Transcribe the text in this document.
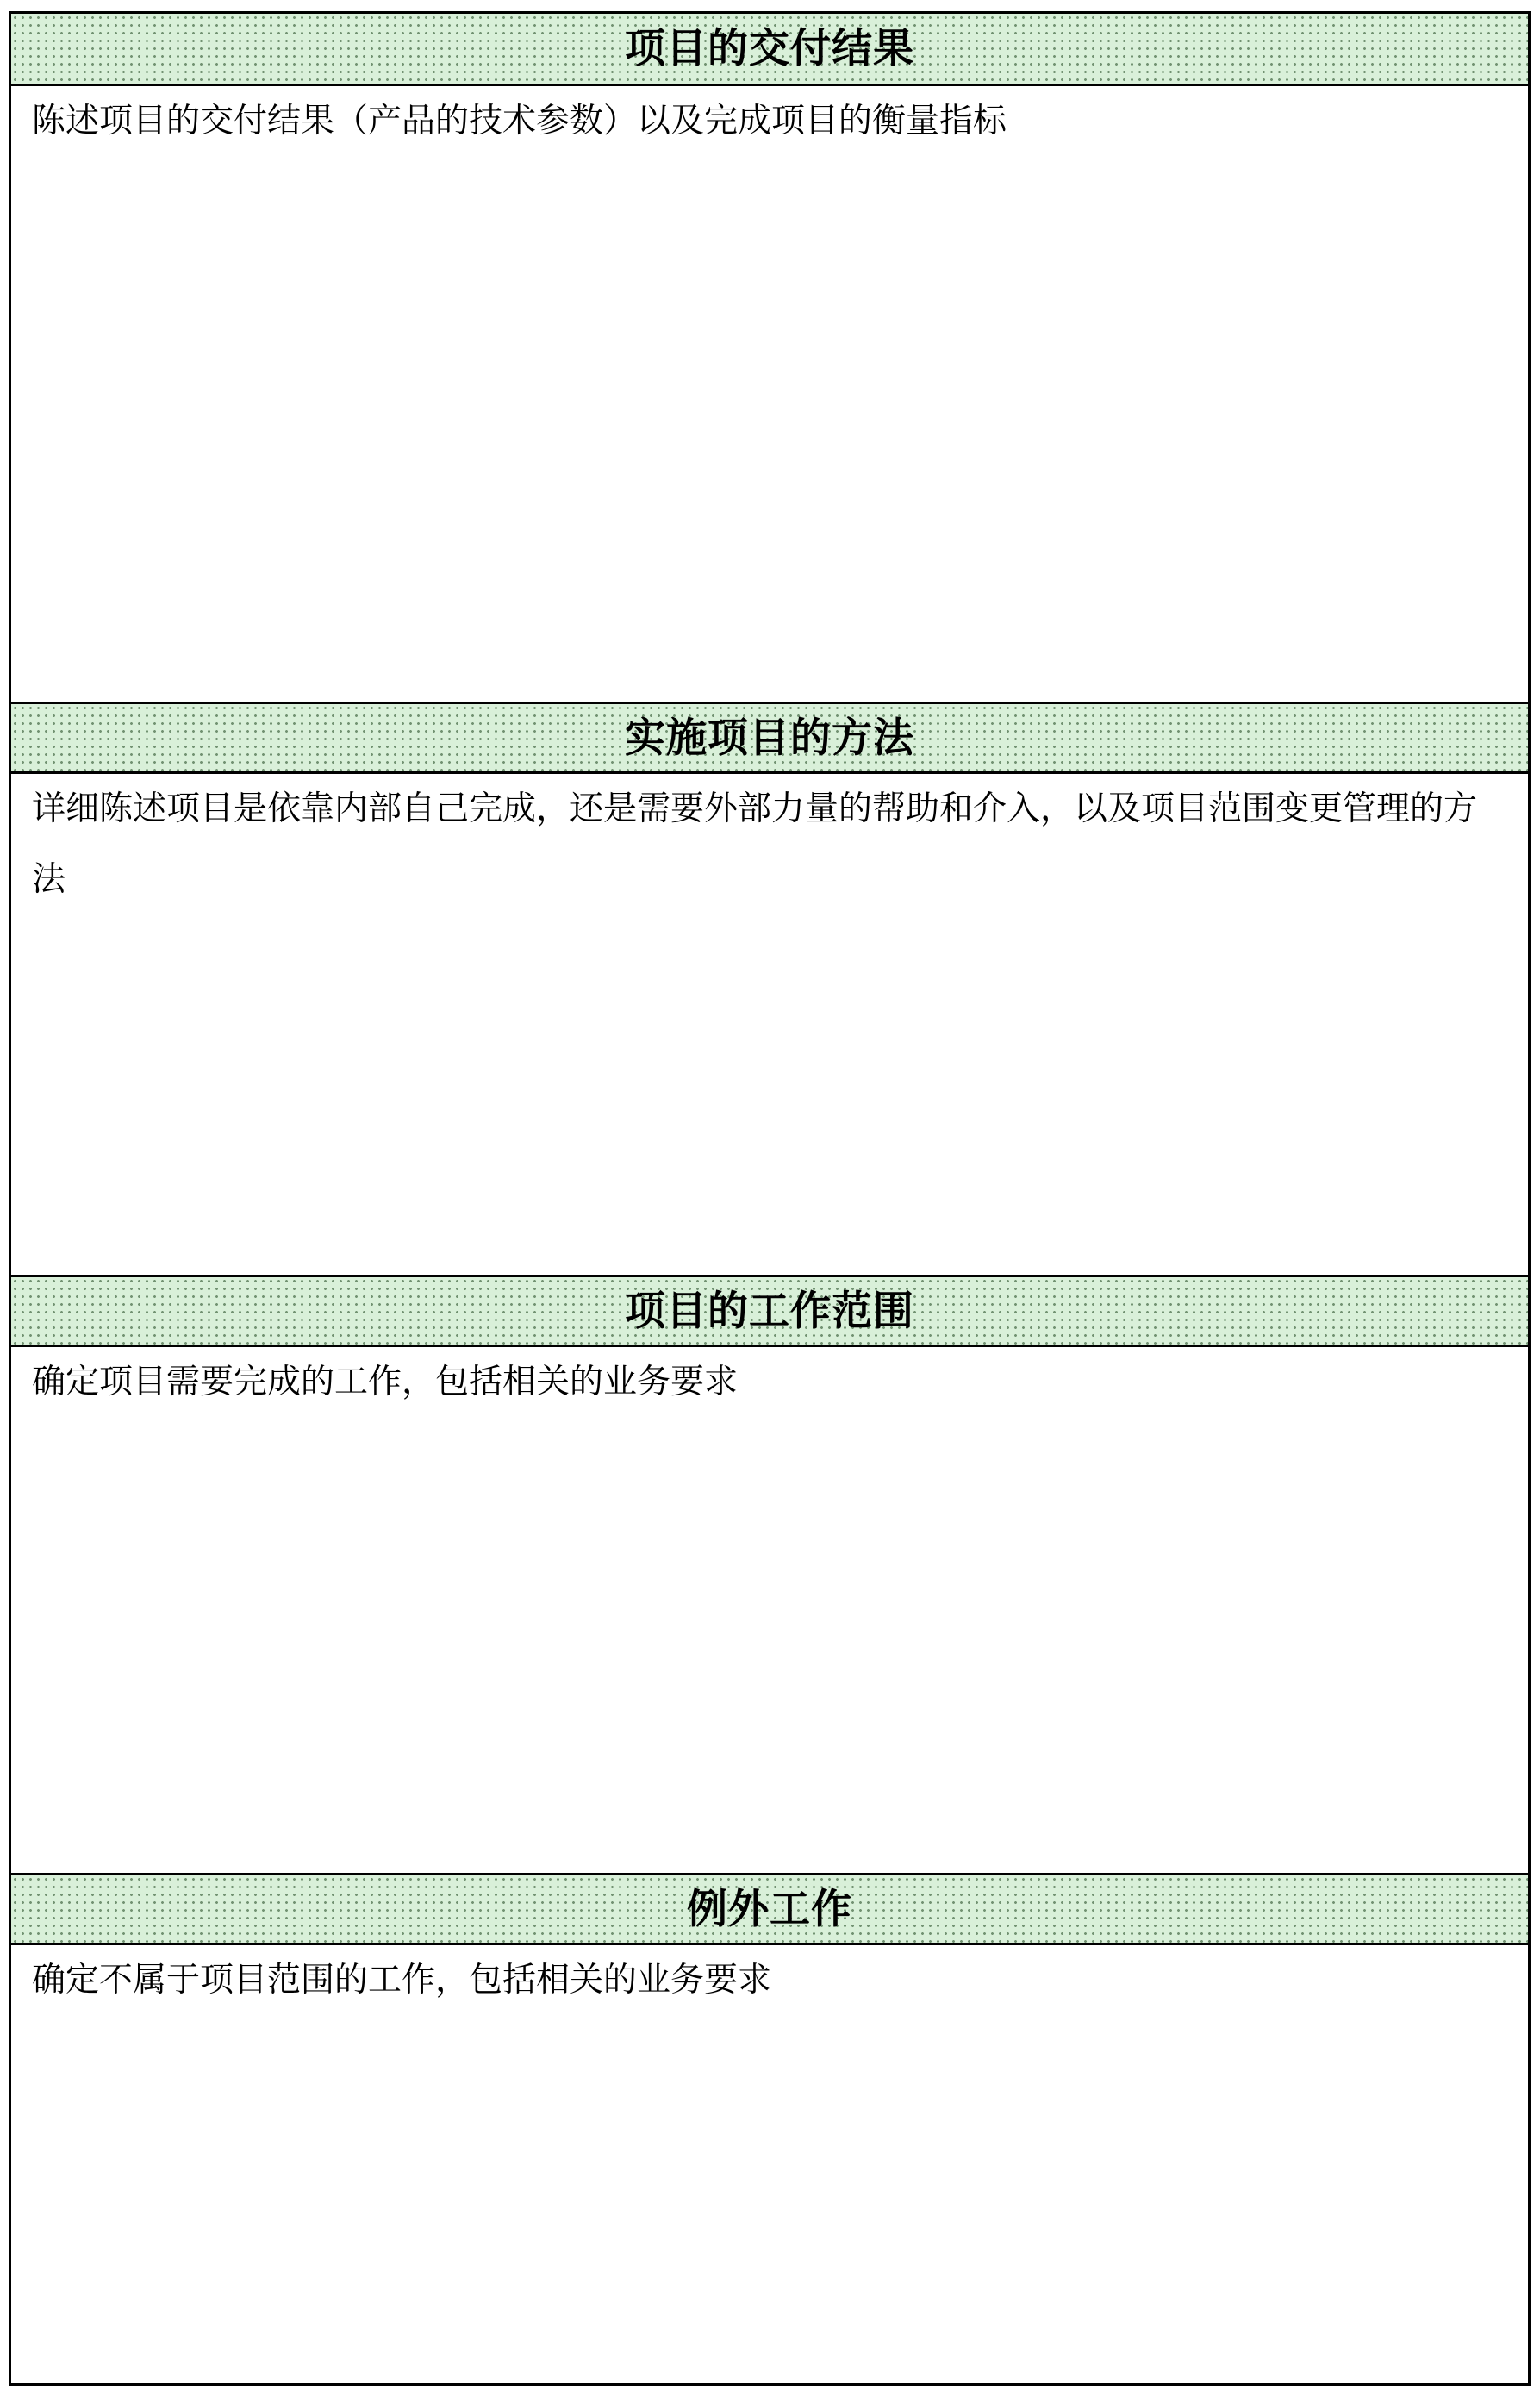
项目的交付结果

陈述项目的交付结果（产品的技术参数）以及完成项目的衡量指标

实施项目的方法

详细陈述项目是依靠内部自己完成，还是需要外部力量的帮助和介入，以及项目范围变更管理的方法

项目的工作范围

确定项目需要完成的工作，包括相关的业务要求

例外工作

确定不属于项目范围的工作，包括相关的业务要求
